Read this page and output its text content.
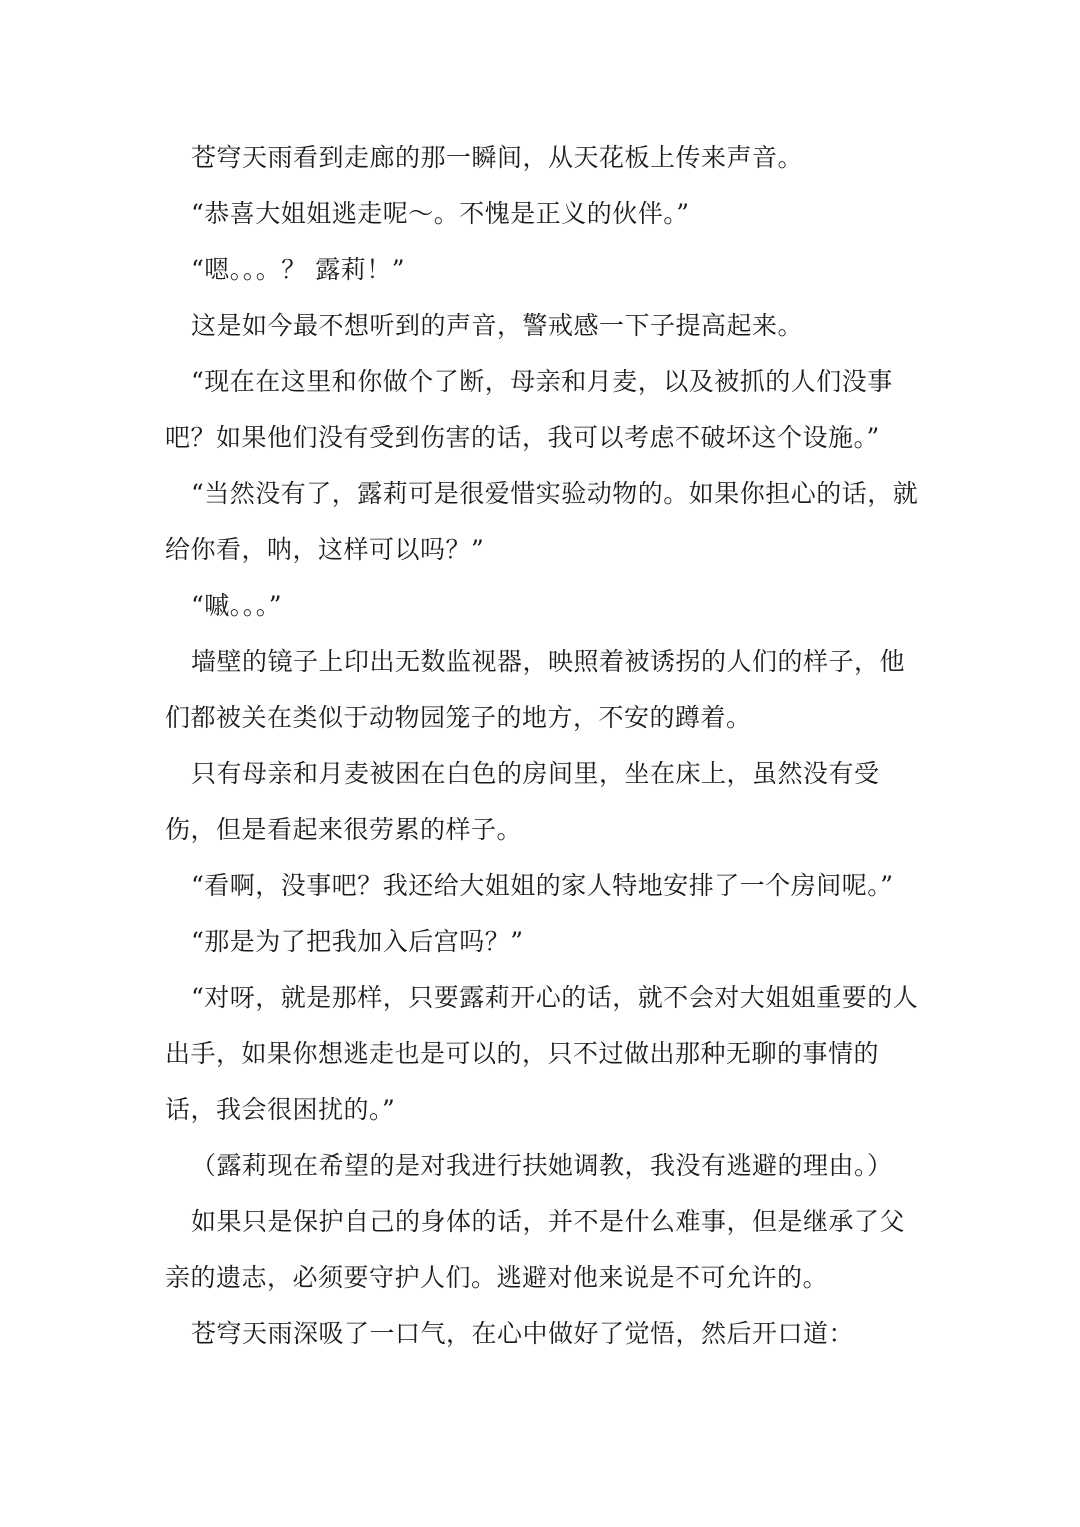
苍穹天雨看到走廊的那一瞬间，从天花板上传来声音。

“恭喜大姐姐逃走呢～。不愧是正义的伙伴。”

“嗯。。。？ 露莉！”

这是如今最不想听到的声音，警戒感一下子提高起来。

“现在在这里和你做个了断，母亲和月麦，以及被抓的人们没事吧？如果他们没有受到伤害的话，我可以考虑不破坏这个设施。”

“当然没有了，露莉可是很爱惜实验动物的。如果你担心的话，就给你看，呐，这样可以吗？”

“嘁。。。”

墙壁的镜子上印出无数监视器，映照着被诱拐的人们的样子，他们都被关在类似于动物园笼子的地方，不安的蹲着。

只有母亲和月麦被困在白色的房间里，坐在床上，虽然没有受伤，但是看起来很劳累的样子。

“看啊，没事吧？我还给大姐姐的家人特地安排了一个房间呢。”

“那是为了把我加入后宫吗？”

“对呀，就是那样，只要露莉开心的话，就不会对大姐姐重要的人出手，如果你想逃走也是可以的，只不过做出那种无聊的事情的话，我会很困扰的。”

（露莉现在希望的是对我进行扶她调教，我没有逃避的理由。）

如果只是保护自己的身体的话，并不是什么难事，但是继承了父亲的遗志，必须要守护人们。逃避对他来说是不可允许的。

苍穹天雨深吸了一口气，在心中做好了觉悟，然后开口道：
